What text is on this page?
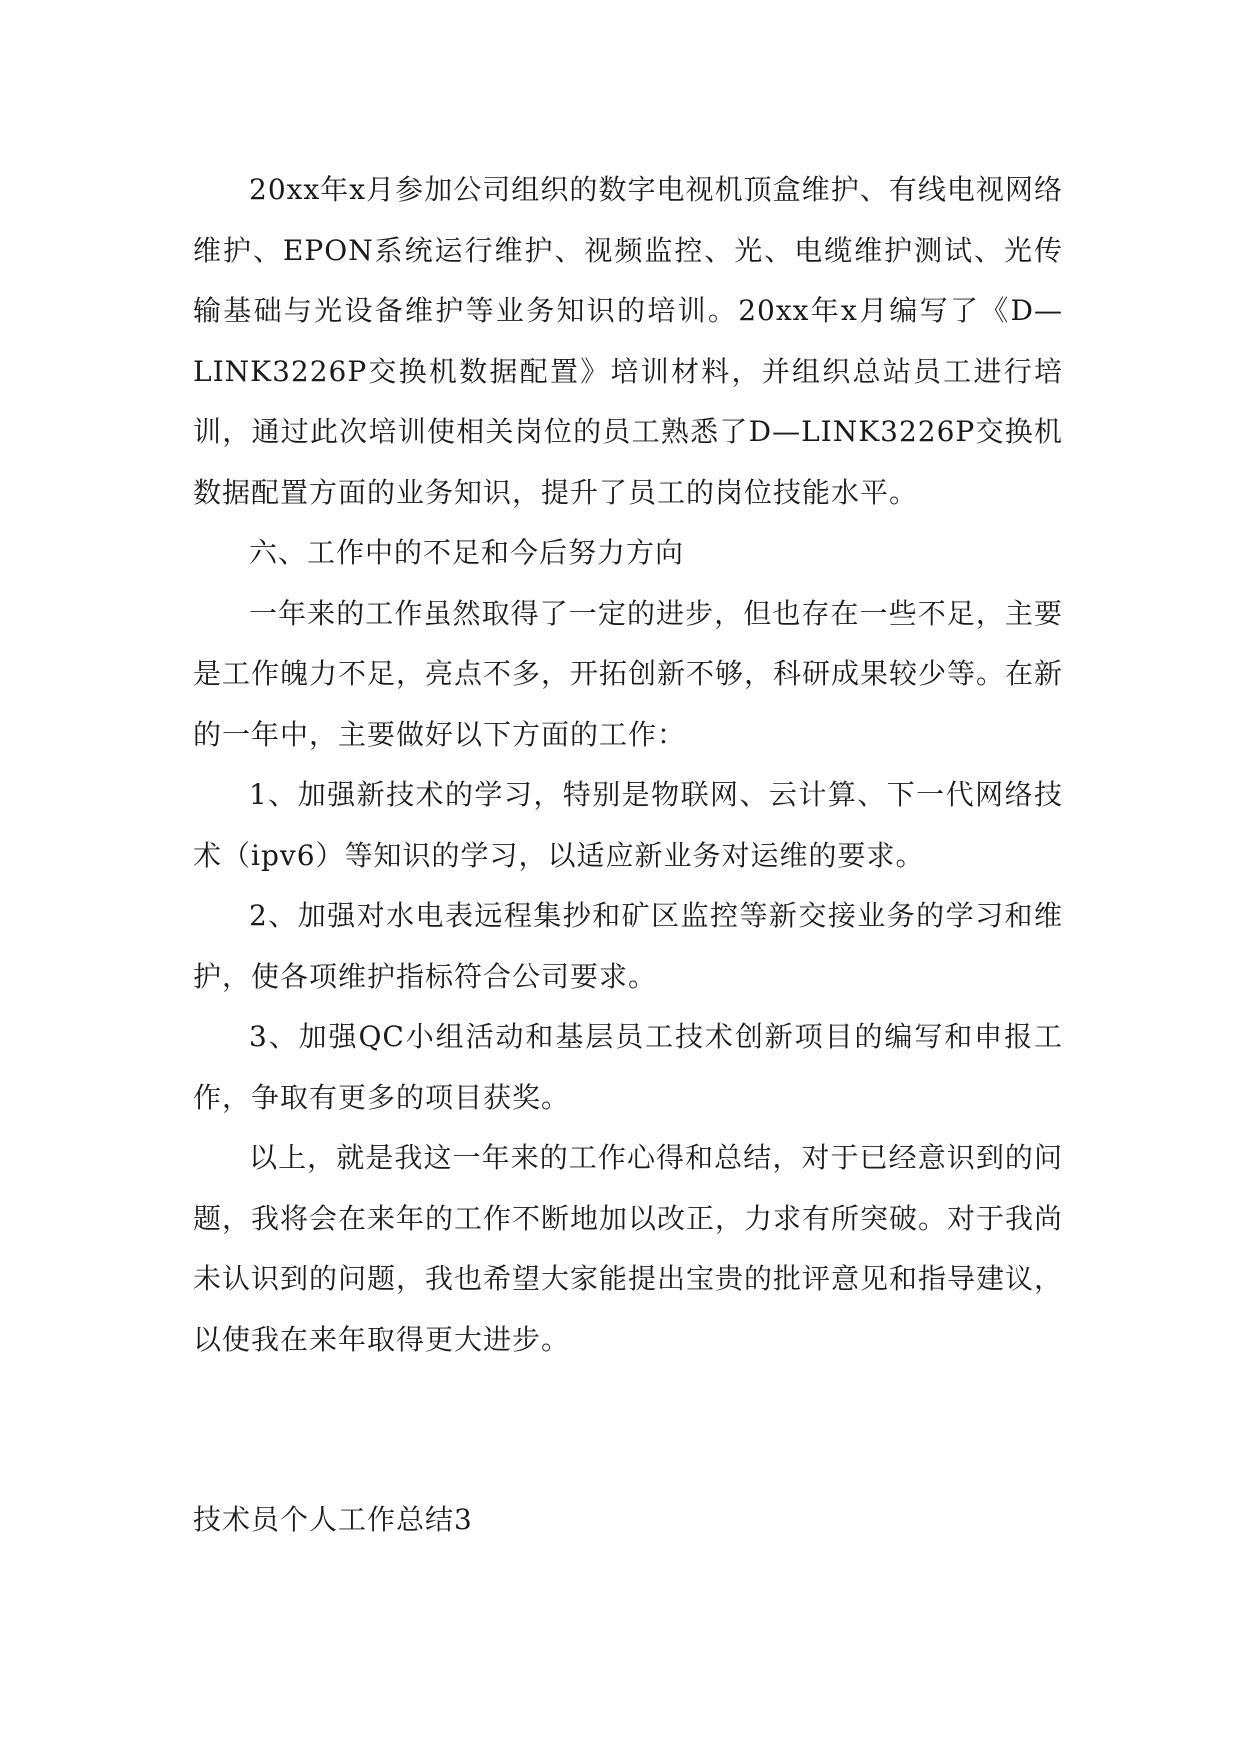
20xx年x月参加公司组织的数字电视机顶盒维护、有线电视网络维护、EPON系统运行维护、视频监控、光、电缆维护测试、光传输基础与光设备维护等业务知识的培训。20xx年x月编写了《D—LINK3226P交换机数据配置》培训材料，并组织总站员工进行培训，通过此次培训使相关岗位的员工熟悉了D—LINK3226P交换机数据配置方面的业务知识，提升了员工的岗位技能水平。

六、工作中的不足和今后努力方向

一年来的工作虽然取得了一定的进步，但也存在一些不足，主要是工作魄力不足，亮点不多，开拓创新不够，科研成果较少等。在新的一年中，主要做好以下方面的工作：

1、加强新技术的学习，特别是物联网、云计算、下一代网络技术（ipv6）等知识的学习，以适应新业务对运维的要求。

2、加强对水电表远程集抄和矿区监控等新交接业务的学习和维护，使各项维护指标符合公司要求。

3、加强QC小组活动和基层员工技术创新项目的编写和申报工作，争取有更多的项目获奖。

以上，就是我这一年来的工作心得和总结，对于已经意识到的问题，我将会在来年的工作不断地加以改正，力求有所突破。对于我尚未认识到的问题，我也希望大家能提出宝贵的批评意见和指导建议，以使我在来年取得更大进步。

技术员个人工作总结3
